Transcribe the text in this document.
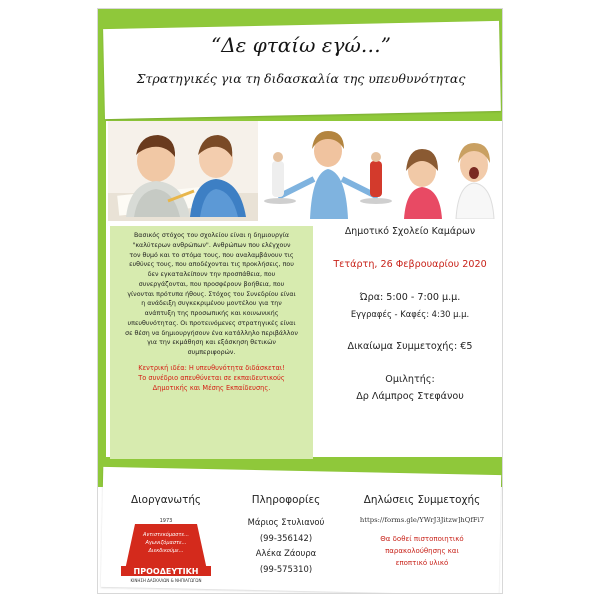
“Δε φταίω εγώ…”
Στρατηγικές για τη διδασκαλία της υπευθυνότητας
Βασικός στόχος του σχολείου είναι η δημιουργία
"καλύτερων ανθρώπων". Ανθρώπων που ελέγχουν
τον θυμό και το στόμα τους, που αναλαμβάνουν τις
ευθύνες τους, που αποδέχονται τις προκλήσεις, που
δεν εγκαταλείπουν την προσπάθεια, που
συνεργάζονται, που προσφέρουν βοήθεια, που
γίνονται πρότυπα ήθους. Στόχος του Συνεδρίου είναι
η ανάδειξη συγκεκριμένου μοντέλου για την
ανάπτυξη της προσωπικής και κοινωνικής
υπευθυνότητας. Οι προτεινόμενες στρατηγικές είναι
σε θέση να δημιουργήσουν ένα κατάλληλο περιβάλλον
για την εκμάθηση και εξάσκηση θετικών
συμπεριφορών.
Κεντρική ιδέα: Η υπευθυνότητα διδάσκεται!
Το συνέδριο απευθύνεται σε εκπαιδευτικούς
Δημοτικής και Μέσης Εκπαίδευσης.
Δημοτικό Σχολείο Καμάρων
Τετάρτη, 26 Φεβρουαρίου 2020
Ώρα: 5:00 - 7:00 μ.μ.
Εγγραφές - Καφές: 4:30 μ.μ.
Δικαίωμα Συμμετοχής: €5
Ομιλητής:
Δρ Λάμπρος Στεφάνου
Διοργανωτής
1973
Αντιστεκόμαστε...
Αγωνιζόμαστε...
Διεκδικούμε...
ΠΡΟΟΔΕΥΤΙΚΗ
ΚΙΝΗΣΗ ΔΑΣΚΑΛΩΝ & ΝΗΠΙΑΓΩΓΩΝ
Πληροφορίες
Μάριος Στυλιανού
(99-356142)
Αλέκα Ζάουρα
(99-575310)
Δηλώσεις Συμμετοχής
https://forms.gle/YWrJ3Jitzw]hQfFi7
Θα δοθεί πιστοποιητικό
παρακολούθησης και
εποπτικό υλικό
